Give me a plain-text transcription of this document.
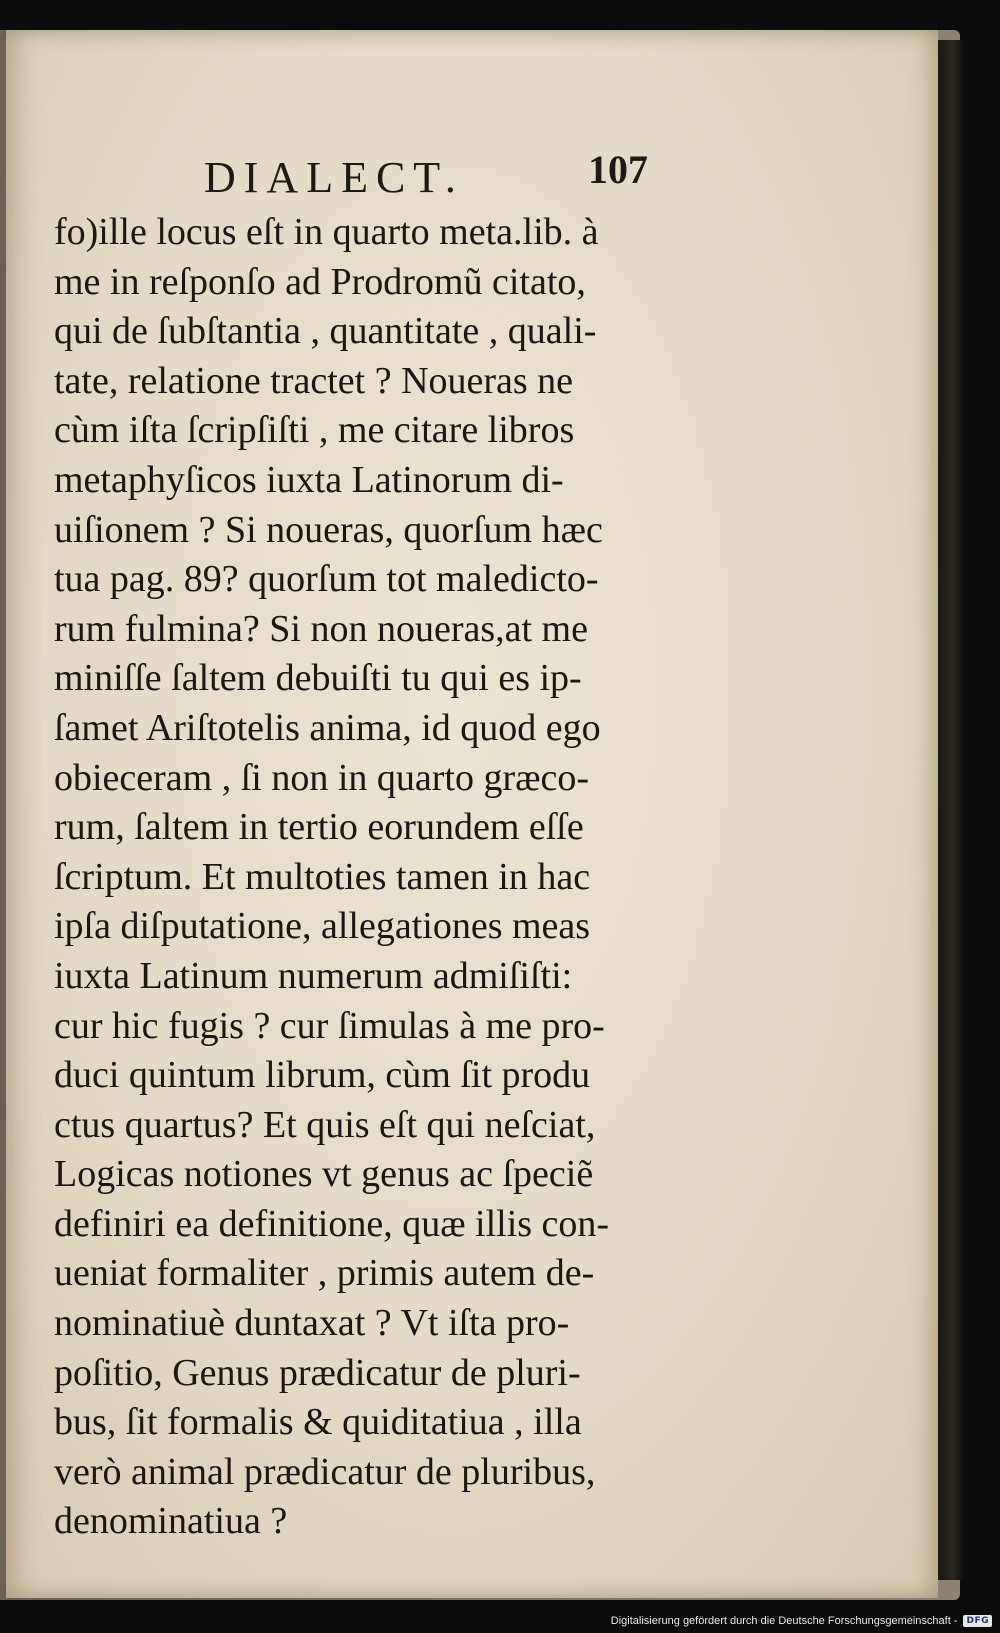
DIALECT.	107
fo)ille locus eſt in quarto meta.lib. à
me in reſponſo ad Prodromũ citato,
qui de ſubſtantia , quantitate , quali-
tate, relatione tractet ? Noueras ne
cùm iſta ſcripſiſti , me citare libros
metaphyſicos iuxta Latinorum di-
uiſionem ? Si noueras, quorſum hæc
tua pag. 89? quorſum tot maledicto-
rum fulmina? Si non noueras,at me
miniſſe ſaltem debuiſti tu qui es ip-
ſamet Ariſtotelis anima, id quod ego
obieceram , ſi non in quarto græco-
rum, ſaltem in tertio eorundem eſſe
ſcriptum. Et multoties tamen in hac
ipſa diſputatione, allegationes meas
iuxta Latinum numerum admiſiſti:
cur hic fugis ? cur ſimulas à me pro-
duci quintum librum, cùm ſit produ
ctus quartus? Et quis eſt qui neſciat,
Logicas notiones vt genus ac ſpeciẽ
definiri ea definitione, quæ illis con-
ueniat formaliter , primis autem de-
nominatiuè duntaxat ? Vt iſta pro-
poſitio, Genus prædicatur de pluri-
bus, ſit formalis & quiditatiua , illa
verò animal prædicatur de pluribus,
denominatiua ?
Digitalisierung gefördert durch die Deutsche Forschungsgemeinschaft -	DFG
